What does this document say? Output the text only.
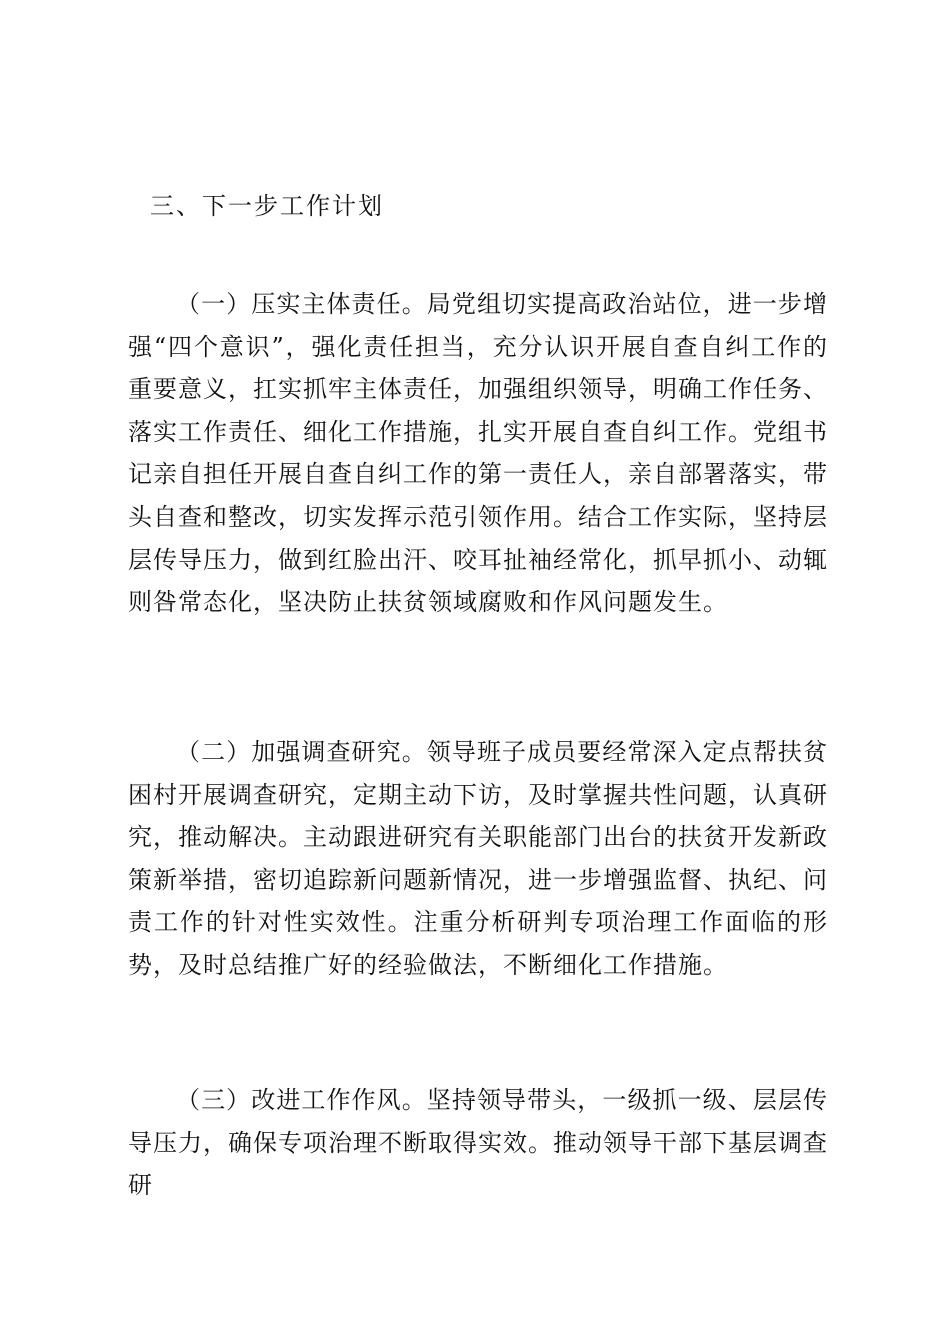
三、下一步工作计划

（一）压实主体责任。局党组切实提高政治站位，进一步增强“四个意识”，强化责任担当，充分认识开展自查自纠工作的重要意义，扛实抓牢主体责任，加强组织领导，明确工作任务、落实工作责任、细化工作措施，扎实开展自查自纠工作。党组书记亲自担任开展自查自纠工作的第一责任人，亲自部署落实，带头自查和整改，切实发挥示范引领作用。结合工作实际，坚持层层传导压力，做到红脸出汗、咬耳扯袖经常化，抓早抓小、动辄则咎常态化，坚决防止扶贫领域腐败和作风问题发生。

（二）加强调查研究。领导班子成员要经常深入定点帮扶贫困村开展调查研究，定期主动下访，及时掌握共性问题，认真研究，推动解决。主动跟进研究有关职能部门出台的扶贫开发新政策新举措，密切追踪新问题新情况，进一步增强监督、执纪、问责工作的针对性实效性。注重分析研判专项治理工作面临的形势，及时总结推广好的经验做法，不断细化工作措施。

（三）改进工作作风。坚持领导带头，一级抓一级、层层传导压力，确保专项治理不断取得实效。推动领导干部下基层调查研
